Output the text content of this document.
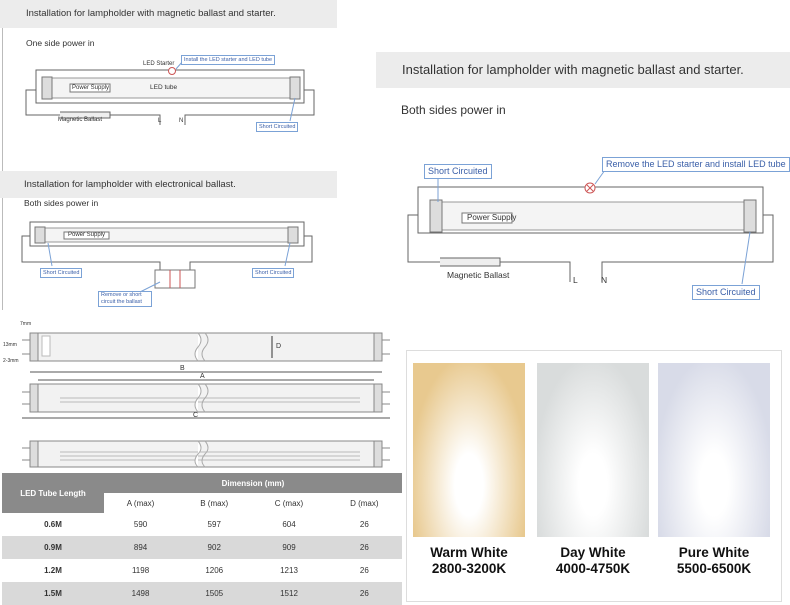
Installation for lampholder with magnetic ballast and starter.
One side power in
LED Starter
Install the LED starter and LED tube
Power Supply	LED tube
Magnetic Ballast	L	N
Short Circuited
Installation for lampholder with electronical ballast.
Both sides power in
Power Supply
Short Circuited	Short Circuited
Remove or short circuit the ballast
Installation for lampholder with magnetic ballast and starter.
Both sides power in
Short Circuited
Remove the LED starter and install LED tube
Power Supply
Magnetic Ballast	L	N
Short Circuited
7mm
13mm
2-3mm
D
B
A
C
LED Tube Length	Dimension (mm)			
	A (max)	B (max)	C (max)	D (max)
0.6M	590	597	604	26
0.9M	894	902	909	26
1.2M	1198	1206	1213	26
1.5M	1498	1505	1512	26
Warm White
2800-3200K
Day White
4000-4750K
Pure White
5500-6500K
